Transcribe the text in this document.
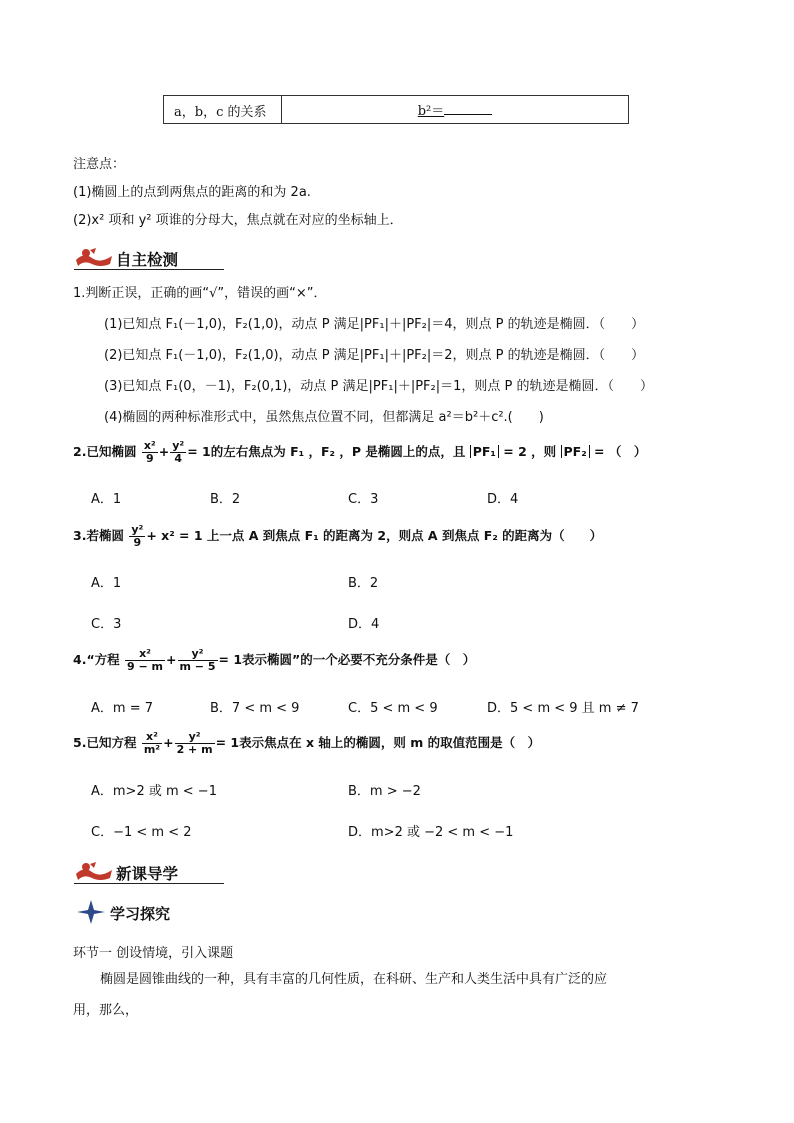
a，b，c 的关系	b²＝
注意点：
(1)椭圆上的点到两焦点的距离的和为 2a.
(2)x² 项和 y² 项谁的分母大，焦点就在对应的坐标轴上．
自主检测
1.判断正误，正确的画“√”，错误的画“×”．
(1)已知点 F₁(－1,0)，F₂(1,0)，动点 P 满足|PF₁|＋|PF₂|＝4，则点 P 的轨迹是椭圆．（　　）
(2)已知点 F₁(－1,0)，F₂(1,0)，动点 P 满足|PF₁|＋|PF₂|＝2，则点 P 的轨迹是椭圆．（　　）
(3)已知点 F₁(0，－1)，F₂(0,1)，动点 P 满足|PF₁|＋|PF₂|＝1，则点 P 的轨迹是椭圆．（　　）
(4)椭圆的两种标准形式中，虽然焦点位置不同，但都满足 a²＝b²＋c².(　　)
2.已知椭圆 $\frac{\text{x²}}{9} + \frac{\text{y²}}{4} = 1$的左右焦点为 F₁ ，F₂ ，P 是椭圆上的点，且 PF₁ = 2 ，则 PF₂ = （　）
A．1	B．2	C．3	D．4
3.若椭圆 $\frac{\text{y²}}{9} + x^2 = 1$ 上一点 A 到焦点 F₁ 的距离为 2，则点 A 到焦点 F₂ 的距离为（　　）
A．1	B．2
C．3	D．4
4.“方程 $\frac{\text{x²}}{9 - m} + \frac{\text{y²}}{m - 5} = 1$表示椭圆”的一个必要不充分条件是（　）
A．m = 7	B．7 < m < 9	C．5 < m < 9	D．5 < m < 9 且 m ≠ 7
5.已知方程 $\frac{\text{x²}}{\text{m²}} + \frac{\text{y²}}{2 + m} = 1$表示焦点在 x 轴上的椭圆，则 m 的取值范围是（　）
A．m>2 或 m < −1	B．m > −2
C．−1 < m < 2	D．m>2 或 −2 < m < −1
新课导学
学习探究
环节一 创设情境，引入课题
椭圆是圆锥曲线的一种，具有丰富的几何性质，在科研、生产和人类生活中具有广泛的应
用，那么，
